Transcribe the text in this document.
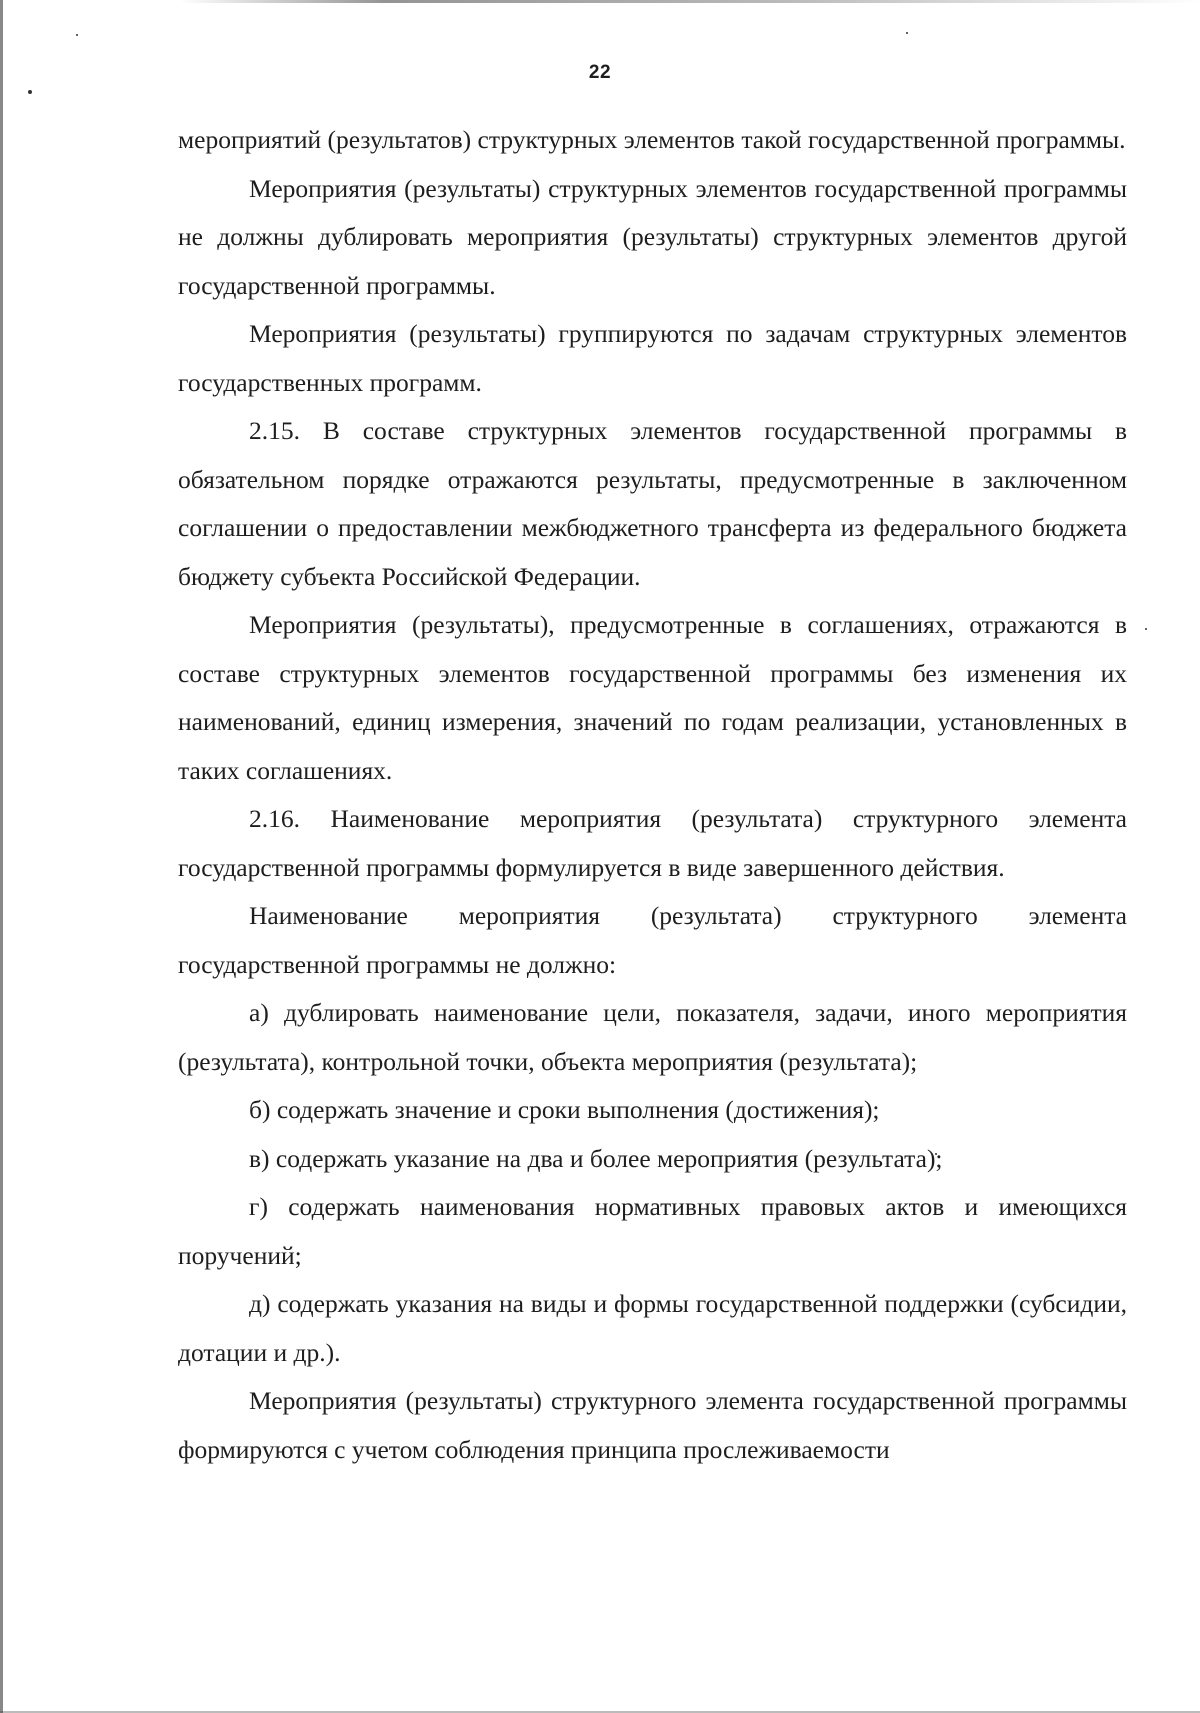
22

мероприятий (результатов) структурных элементов такой государственной программы.

Мероприятия (результаты) структурных элементов государственной программы не должны дублировать мероприятия (результаты) структурных элементов другой государственной программы.

Мероприятия (результаты) группируются по задачам структурных элементов государственных программ.

2.15. В составе структурных элементов государственной программы в обязательном порядке отражаются результаты, предусмотренные в заключенном соглашении о предоставлении межбюджетного трансферта из федерального бюджета бюджету субъекта Российской Федерации.

Мероприятия (результаты), предусмотренные в соглашениях, отражаются в составе структурных элементов государственной программы без изменения их наименований, единиц измерения, значений по годам реализации, установленных в таких соглашениях.

2.16. Наименование мероприятия (результата) структурного элемента государственной программы формулируется в виде завершенного действия.

Наименование мероприятия (результата) структурного элемента государственной программы не должно:

а) дублировать наименование цели, показателя, задачи, иного мероприятия (результата), контрольной точки, объекта мероприятия (результата);

б) содержать значение и сроки выполнения (достижения);

в) содержать указание на два и более мероприятия (результата);

г) содержать наименования нормативных правовых актов и имеющихся поручений;

д) содержать указания на виды и формы государственной поддержки (субсидии, дотации и др.).

Мероприятия (результаты) структурного элемента государственной программы формируются с учетом соблюдения принципа прослеживаемости
